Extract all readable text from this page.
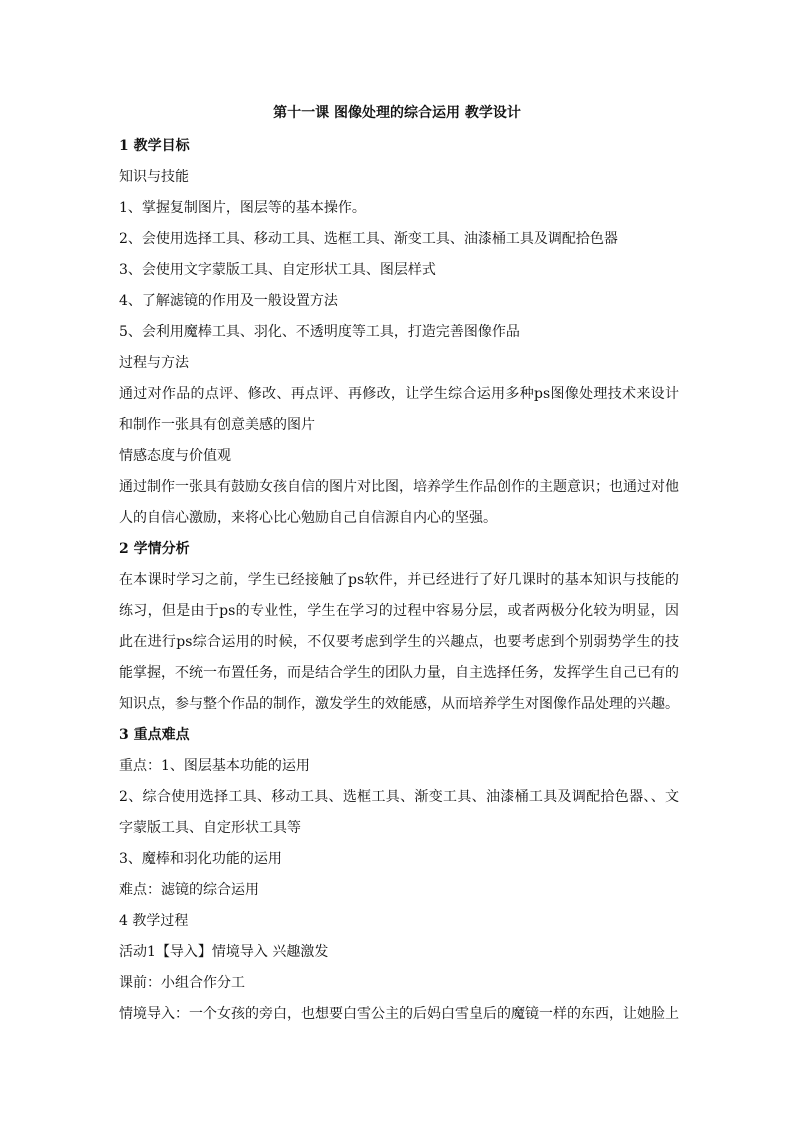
第十一课 图像处理的综合运用 教学设计
1 教学目标
知识与技能
1、掌握复制图片，图层等的基本操作。
2、会使用选择工具、移动工具、选框工具、渐变工具、油漆桶工具及调配拾色器
3、会使用文字蒙版工具、自定形状工具、图层样式
4、了解滤镜的作用及一般设置方法
5、会利用魔棒工具、羽化、不透明度等工具，打造完善图像作品
过程与方法
通过对作品的点评、修改、再点评、再修改，让学生综合运用多种ps图像处理技术来设计
和制作一张具有创意美感的图片
情感态度与价值观
通过制作一张具有鼓励女孩自信的图片对比图，培养学生作品创作的主题意识；也通过对他
人的自信心激励，来将心比心勉励自己自信源自内心的坚强。
2 学情分析
在本课时学习之前，学生已经接触了ps软件，并已经进行了好几课时的基本知识与技能的
练习，但是由于ps的专业性，学生在学习的过程中容易分层，或者两极分化较为明显，因
此在进行ps综合运用的时候，不仅要考虑到学生的兴趣点，也要考虑到个别弱势学生的技
能掌握，不统一布置任务，而是结合学生的团队力量，自主选择任务，发挥学生自己已有的
知识点，参与整个作品的制作，激发学生的效能感，从而培养学生对图像作品处理的兴趣。
3 重点难点
重点：1、图层基本功能的运用
2、综合使用选择工具、移动工具、选框工具、渐变工具、油漆桶工具及调配拾色器、、文
字蒙版工具、自定形状工具等
3、魔棒和羽化功能的运用
难点：滤镜的综合运用
4 教学过程
活动1【导入】情境导入 兴趣激发
课前：小组合作分工
情境导入：一个女孩的旁白，也想要白雪公主的后妈白雪皇后的魔镜一样的东西，让她脸上
